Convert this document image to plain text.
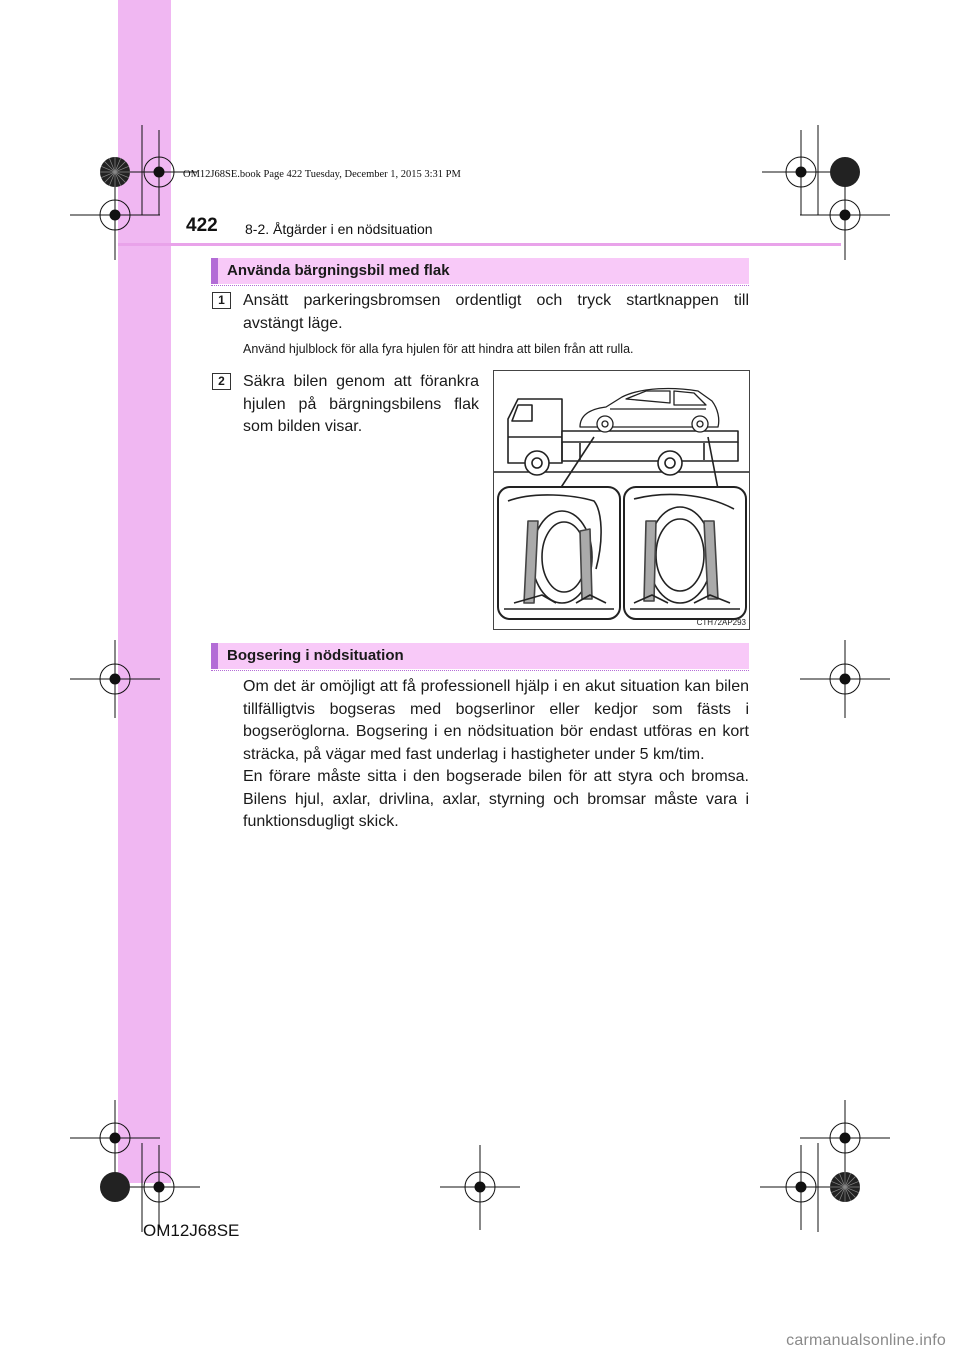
OM12J68SE.book Page 422 Tuesday, December 1, 2015 3:31 PM
422 8-2. Åtgärder i en nödsituation
Använda bärgningsbil med flak
1	Ansätt parkeringsbromsen ordentligt och tryck startknappen till avstängt läge.

Använd hjulblock för alla fyra hjulen för att hindra att bilen från att rulla.

2	Säkra bilen genom att förankra hjulen på bärgningsbilens flak som bilden visar.

CTH72AP293
Bogsering i nödsituation

Om det är omöjligt att få professionell hjälp i en akut situation kan bilen tillfälligtvis bogseras med bogserlinor eller kedjor som fästs i bogseröglorna. Bogsering i en nödsituation bör endast utföras en kort sträcka, på vägar med fast underlag i hastigheter under 5 km/tim.

En förare måste sitta i den bogserade bilen för att styra och bromsa. Bilens hjul, axlar, drivlina, axlar, styrning och bromsar måste vara i funktionsdugligt skick.

OM12J68SE
carmanualsonline.info
